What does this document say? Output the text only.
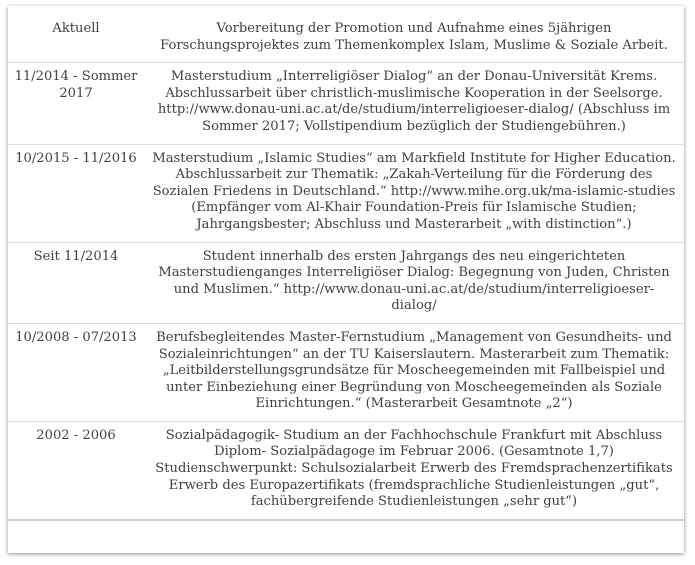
Aktuell	Vorbereitung der Promotion und Aufnahme eines 5jährigen Forschungsprojektes zum Themenkomplex Islam, Muslime & Soziale Arbeit.
11/2014 - Sommer 2017	Masterstudium „Interreligiöser Dialog“ an der Donau-Universität Krems. Abschlussarbeit über christlich-muslimische Kooperation in der Seelsorge. http://www.donau-uni.ac.at/de/studium/interreligioeser-dialog/ (Abschluss im Sommer 2017; Vollstipendium bezüglich der Studiengebühren.)
10/2015 - 11/2016	Masterstudium „Islamic Studies“ am Markfield Institute for Higher Education. Abschlussarbeit zur Thematik: „Zakah-Verteilung für die Förderung des Sozialen Friedens in Deutschland.“ http://www.mihe.org.uk/ma-islamic-studies (Empfänger vom Al-Khair Foundation-Preis für Islamische Studien; Jahrgangsbester; Abschluss und Masterarbeit „with distinction“.)
Seit 11/2014	Student innerhalb des ersten Jahrgangs des neu eingerichteten Masterstudienganges Interreligiöser Dialog: Begegnung von Juden, Christen und Muslimen.“ http://www.donau-uni.ac.at/de/studium/interreligioeser-dialog/
10/2008 - 07/2013	Berufsbegleitendes Master-Fernstudium „Management von Gesundheits- und Sozialeinrichtungen“ an der TU Kaiserslautern. Masterarbeit zum Thematik: „Leitbilderstellungsgrundsätze für Moscheegemeinden mit Fallbeispiel und unter Einbeziehung einer Begründung von Moscheegemeinden als Soziale Einrichtungen.“ (Masterarbeit Gesamtnote „2“)
2002 - 2006	Sozialpädagogik- Studium an der Fachhochschule Frankfurt mit Abschluss Diplom- Sozialpädagoge im Februar 2006. (Gesamtnote 1,7) Studienschwerpunkt: Schulsozialarbeit Erwerb des Fremdsprachenzertifikats Erwerb des Europazertifikats (fremdsprachliche Studienleistungen „gut“, fachübergreifende Studienleistungen „sehr gut“)
